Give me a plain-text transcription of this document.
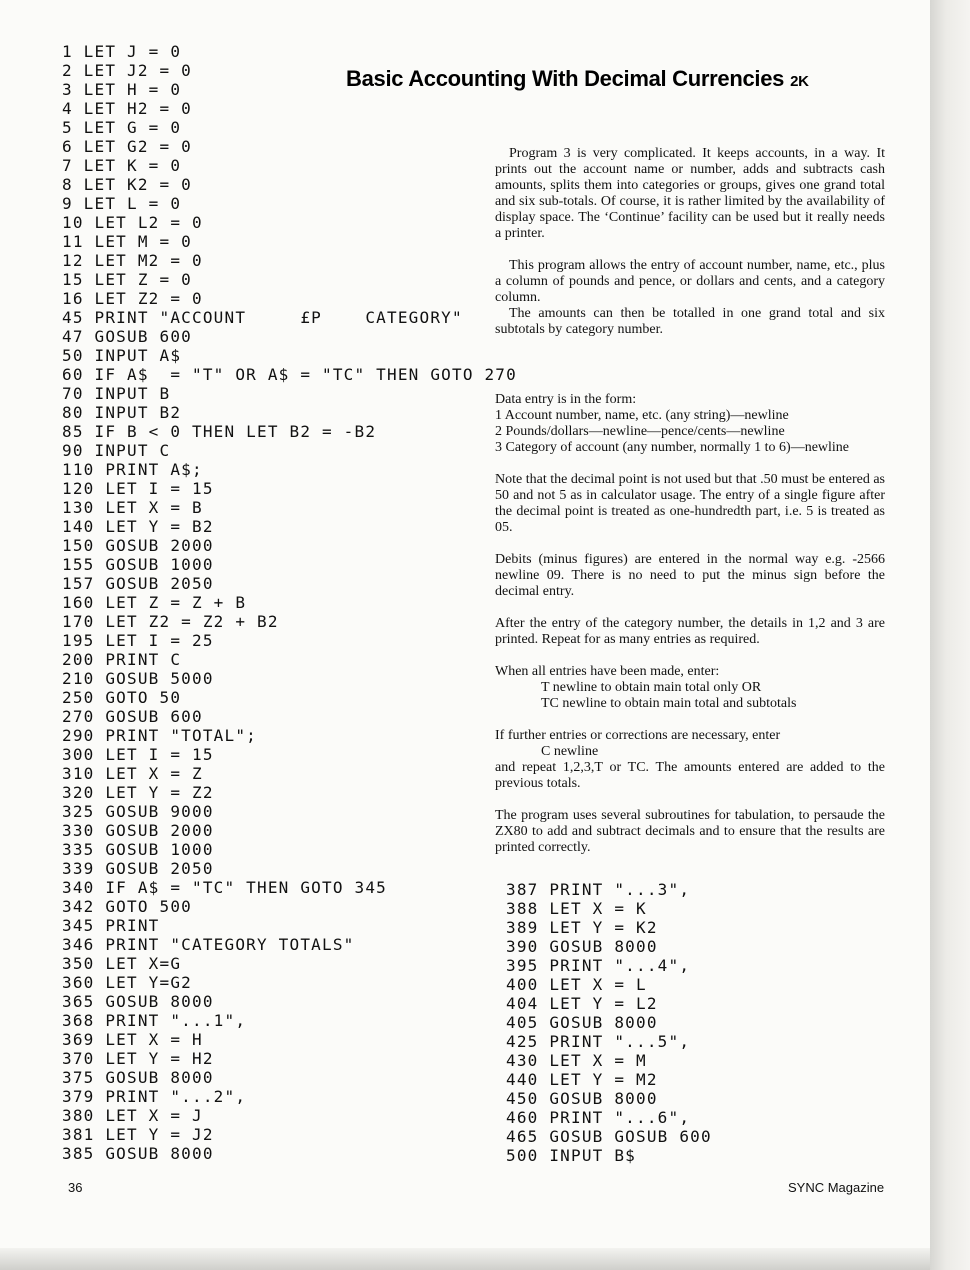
1 LET J = 0
2 LET J2 = 0
3 LET H = 0
4 LET H2 = 0
5 LET G = 0
6 LET G2 = 0
7 LET K = 0
8 LET K2 = 0
9 LET L = 0
10 LET L2 = 0
11 LET M = 0
12 LET M2 = 0
15 LET Z = 0
16 LET Z2 = 0
45 PRINT "ACCOUNT     £P    CATEGORY"
47 GOSUB 600
50 INPUT A$
60 IF A$  = "T" OR A$ = "TC" THEN GOTO 270
70 INPUT B
80 INPUT B2
85 IF B < 0 THEN LET B2 = -B2
90 INPUT C
110 PRINT A$;
120 LET I = 15
130 LET X = B
140 LET Y = B2
150 GOSUB 2000
155 GOSUB 1000
157 GOSUB 2050
160 LET Z = Z + B
170 LET Z2 = Z2 + B2
195 LET I = 25
200 PRINT C
210 GOSUB 5000
250 GOTO 50
270 GOSUB 600
290 PRINT "TOTAL";
300 LET I = 15
310 LET X = Z
320 LET Y = Z2
325 GOSUB 9000
330 GOSUB 2000
335 GOSUB 1000
339 GOSUB 2050
340 IF A$ = "TC" THEN GOTO 345
342 GOTO 500
345 PRINT
346 PRINT "CATEGORY TOTALS"
350 LET X=G
360 LET Y=G2
365 GOSUB 8000
368 PRINT "...1",
369 LET X = H
370 LET Y = H2
375 GOSUB 8000
379 PRINT "...2",
380 LET X = J
381 LET Y = J2
385 GOSUB 8000
Basic Accounting With Decimal Currencies 2K

Program 3 is very complicated. It keeps accounts, in a way. It prints out the account name or number, adds and subtracts cash amounts, splits them into categories or groups, gives one grand total and six sub-totals. Of course, it is rather limited by the availability of display space. The ‘Continue’ facility can be used but it really needs a printer.

This program allows the entry of account number, name, etc., plus a column of pounds and pence, or dollars and cents, and a category column.

The amounts can then be totalled in one grand total and six subtotals by category number.

Data entry is in the form:

1 Account number, name, etc. (any string)—newline

2 Pounds/dollars—newline—pence/cents—newline

3 Category of account (any number, normally 1 to 6)—newline

Note that the decimal point is not used but that .50 must be entered as 50 and not 5 as in calculator usage. The entry of a single figure after the decimal point is treated as one-hundredth part, i.e. 5 is treated as 05.

Debits (minus figures) are entered in the normal way e.g. -2566 newline 09. There is no need to put the minus sign before the decimal entry.

After the entry of the category number, the details in 1,2 and 3 are printed. Repeat for as many entries as required.

When all entries have been made, enter:

T newline to obtain main total only OR

TC newline to obtain main total and subtotals

If further entries or corrections are necessary, enter

C newline

and repeat 1,2,3,T or TC. The amounts entered are added to the previous totals.

The program uses several subroutines for tabulation, to persaude the ZX80 to add and subtract decimals and to ensure that the results are printed correctly.

387 PRINT "...3",
388 LET X = K
389 LET Y = K2
390 GOSUB 8000
395 PRINT "...4",
400 LET X = L
404 LET Y = L2
405 GOSUB 8000
425 PRINT "...5",
430 LET X = M
440 LET Y = M2
450 GOSUB 8000
460 PRINT "...6",
465 GOSUB GOSUB 600
500 INPUT B$
36	SYNC Magazine
